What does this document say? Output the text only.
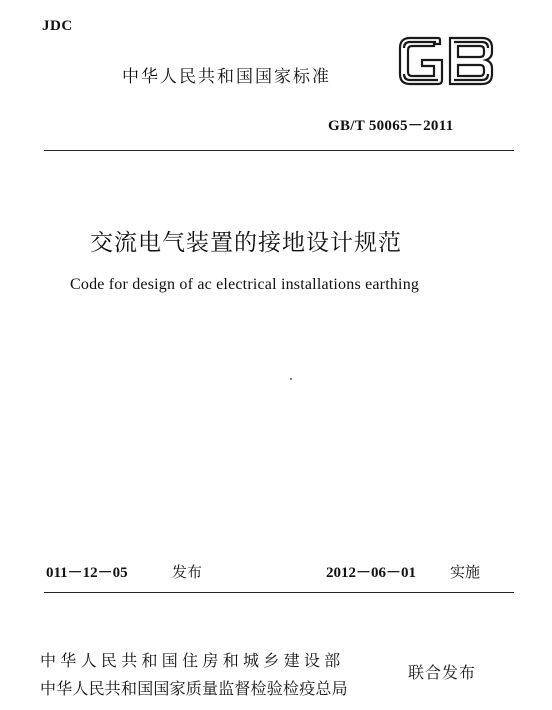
JDC
中华人民共和国国家标准
GB/T 50065－2011
交流电气装置的接地设计规范
Code for design of ac electrical installations earthing
011－12－05	发布	2012－06－01 实施
中华人民共和国住房和城乡建设部
中华人民共和国国家质量监督检验检疫总局
联合发布
